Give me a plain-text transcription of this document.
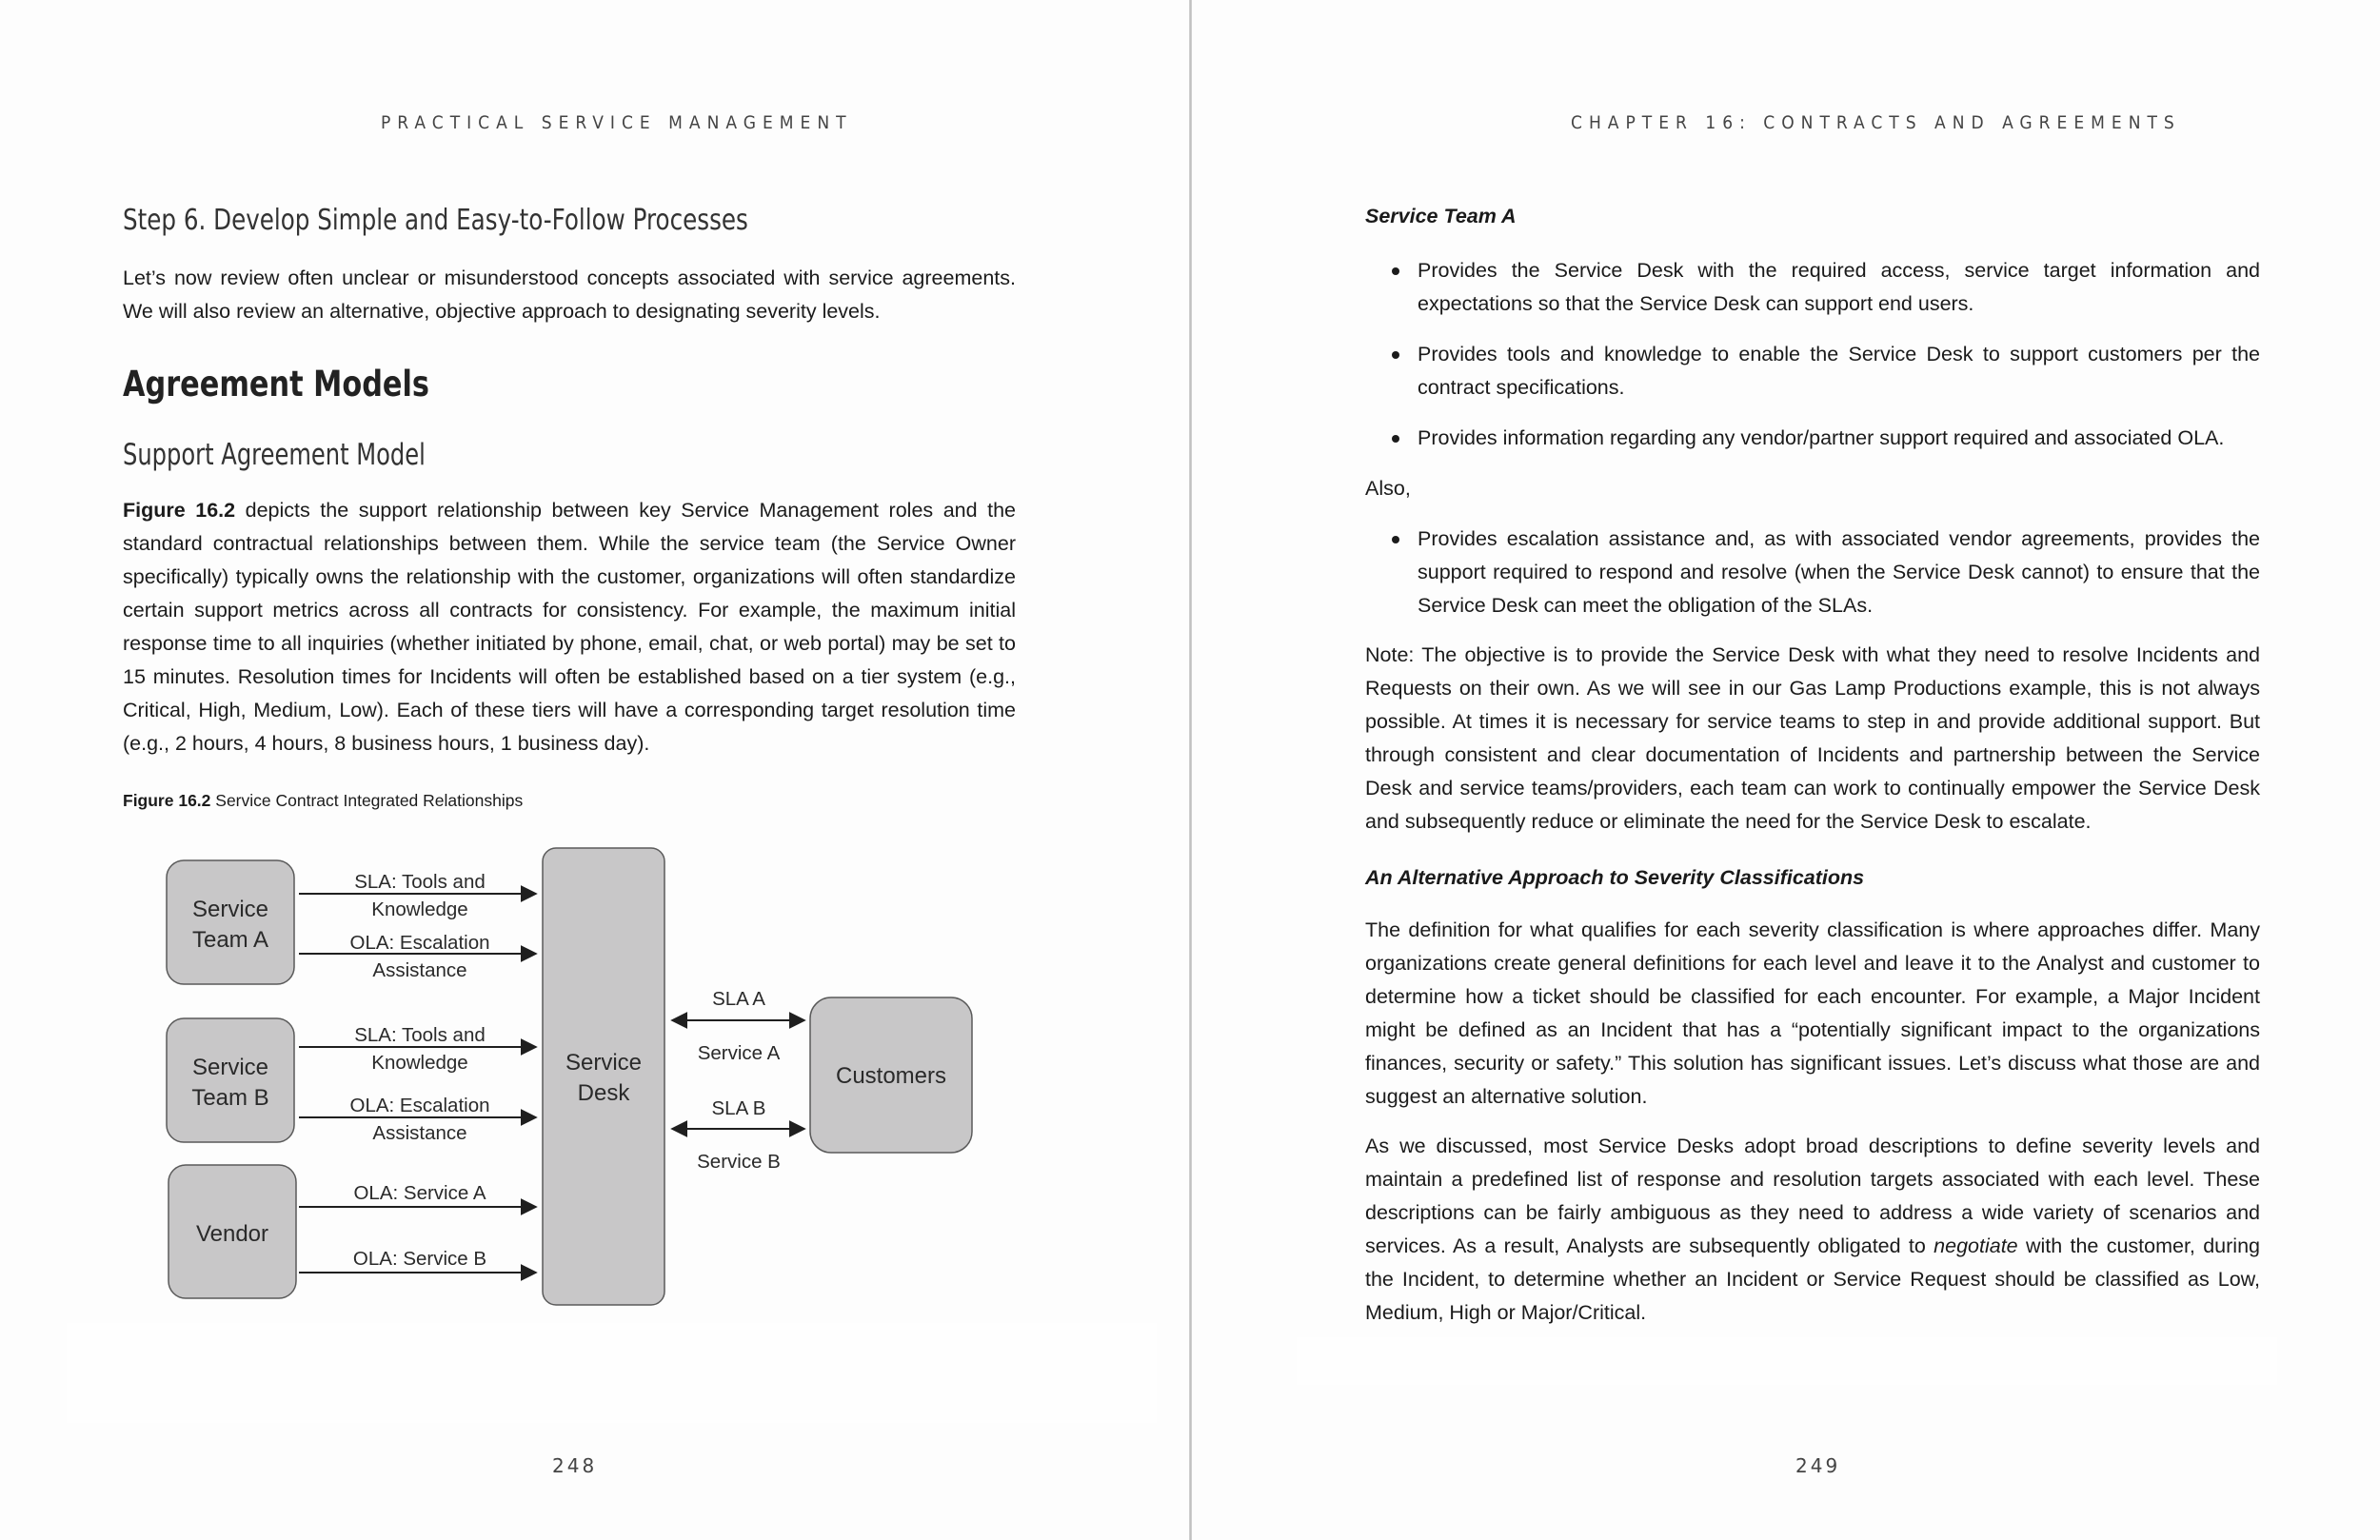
PRACTICAL SERVICE MANAGEMENT
Step 6. Develop Simple and Easy-to-Follow Processes

Let’s now review often unclear or misunderstood concepts associated with service agreements. We will also review an alternative, objective approach to designating severity levels.

Agreement Models
Support Agreement Model

Figure 16.2 depicts the support relationship between key Service Management roles and the standard contractual relationships between them. While the service team (the Service Owner specifically) typically owns the relationship with the customer, organizations will often standardize certain support metrics across all contracts for consistency. For example, the maximum initial response time to all inquiries (whether initiated by phone, email, chat, or web portal) may be set to 15 minutes. Resolution times for Incidents will often be established based on a tier system (e.g., Critical, High, Medium, Low). Each of these tiers will have a corresponding target resolution time (e.g., 2 hours, 4 hours, 8 business hours, 1 business day).

Figure 16.2 Service Contract Integrated Relationships

Service
Team A
Service
Team B
Vendor
Service
Desk
Customers
SLA: Tools and
Knowledge
OLA: Escalation
Assistance
SLA: Tools and
Knowledge
OLA: Escalation
Assistance
OLA: Service A
OLA: Service B
SLA A
Service A
SLA B
Service B
248
CHAPTER 16: CONTRACTS AND AGREEMENTS

Service Team A

Provides the Service Desk with the required access, service target information and expectations so that the Service Desk can support end users.
Provides tools and knowledge to enable the Service Desk to support customers per the contract specifications.
Provides information regarding any vendor/partner support required and associated OLA.

Also,

Provides escalation assistance and, as with associated vendor agreements, provides the support required to respond and resolve (when the Service Desk cannot) to ensure that the Service Desk can meet the obligation of the SLAs.

Note: The objective is to provide the Service Desk with what they need to resolve Incidents and Requests on their own. As we will see in our Gas Lamp Productions example, this is not always possible. At times it is necessary for service teams to step in and provide additional support. But through consistent and clear documentation of Incidents and partnership between the Service Desk and service teams/providers, each team can work to continually empower the Service Desk and subsequently reduce or eliminate the need for the Service Desk to escalate.

An Alternative Approach to Severity Classifications

The definition for what qualifies for each severity classification is where approaches differ. Many organizations create general definitions for each level and leave it to the Analyst and customer to determine how a ticket should be classified for each encounter. For example, a Major Incident might be defined as an Incident that has a “potentially significant impact to the organizations finances, security or safety.” This solution has significant issues. Let’s discuss what those are and suggest an alternative solution.

As we discussed, most Service Desks adopt broad descriptions to define severity levels and maintain a predefined list of response and resolution targets associated with each level. These descriptions can be fairly ambiguous as they need to address a wide variety of scenarios and services. As a result, Analysts are subsequently obligated to negotiate with the customer, during the Incident, to determine whether an Incident or Service Request should be classified as Low, Medium, High or Major/Critical.

249
